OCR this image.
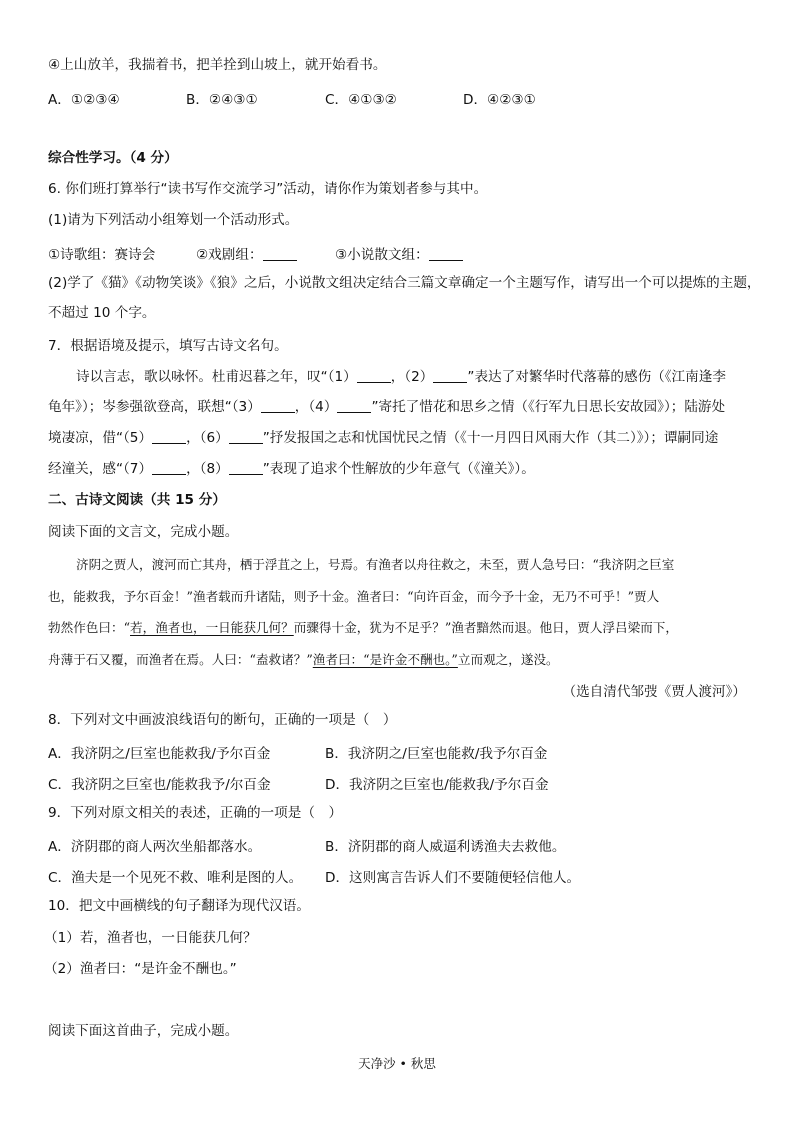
④上山放羊，我揣着书，把羊拴到山坡上，就开始看书。
A．①②③④	B．②④③①	C．④①③②	D．④②③①
综合性学习。（4 分）
6. 你们班打算举行“读书写作交流学习”活动，请你作为策划者参与其中。
(1)请为下列活动小组筹划一个活动形式。
①诗歌组：赛诗会	②戏剧组：	③小说散文组：
(2)学了《猫》《动物笑谈》《狼》之后，小说散文组决定结合三篇文章确定一个主题写作，请写出一个可以提炼的主题，
不超过 10 个字。
7．根据语境及提示，填写古诗文名句。
诗以言志，歌以咏怀。杜甫迟暮之年，叹“（1）	，（2）	”表达了对繁华时代落幕的感伤（《江南逢李
龟年》）；岑参强欲登高，联想“（3）	，（4）	”寄托了惜花和思乡之情（《行军九日思长安故园》）；陆游处
境凄凉，借“（5）	，（6）	”抒发报国之志和忧国忧民之情（《十一月四日风雨大作（其二）》）；谭嗣同途
经潼关，感“（7）	，（8）	”表现了追求个性解放的少年意气（《潼关》）。
二、古诗文阅读（共 15 分）
阅读下面的文言文，完成小题。
济阴之贾人，渡河而亡其舟，栖于浮苴之上，号焉。有渔者以舟往救之，未至，贾人急号曰：“我济阴之巨室
也，能救我，予尔百金！”渔者载而升诸陆，则予十金。渔者曰：“向许百金，而今予十金，无乃不可乎！”贾人
勃然作色曰：“若，渔者也，一日能获几何？而骤得十金，犹为不足乎？”渔者黯然而退。他日，贾人浮吕梁而下，
舟薄于石又覆，而渔者在焉。人曰：“盍救诸？”渔者曰：“是许金不酬也。”立而观之，遂没。
（选自清代邹弢《贾人渡河》）
8．下列对文中画波浪线语句的断句，正确的一项是（　）
A．我济阴之/巨室也能救我/予尔百金	B．我济阴之/巨室也能救/我予尔百金
C．我济阴之巨室也/能救我予/尔百金	D．我济阴之巨室也/能救我/予尔百金
9．下列对原文相关的表述，正确的一项是（　）
A．济阴郡的商人两次坐船都落水。	B．济阴郡的商人威逼利诱渔夫去救他。
C．渔夫是一个见死不救、唯利是图的人。 D．这则寓言告诉人们不要随便轻信他人。
10．把文中画横线的句子翻译为现代汉语。
（1）若，渔者也，一日能获几何？
（2）渔者曰：“是许金不酬也。”
阅读下面这首曲子，完成小题。
天净沙 • 秋思
